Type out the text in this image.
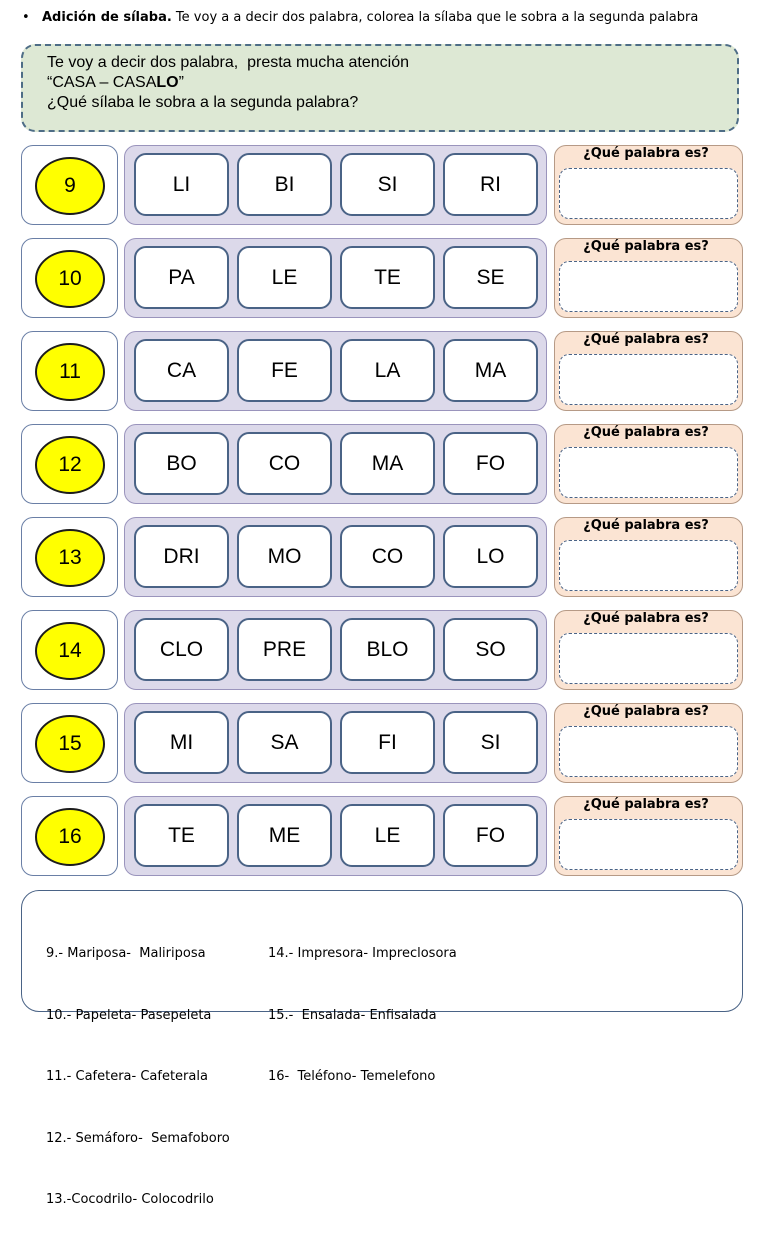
• Adición de sílaba. Te voy a a decir dos palabra, colorea la sílaba que le sobra a la segunda palabra
Te voy a decir dos palabra,  presta mucha atención
“CASA – CASALO”
¿Qué sílaba le sobra a la segunda palabra?
9	LI	BI	SI	RI
¿Qué palabra es?
10	PA	LE	TE	SE
¿Qué palabra es?
11	CA	FE	LA	MA
¿Qué palabra es?
12	BO	CO	MA	FO
¿Qué palabra es?
13	DRI	MO	CO	LO
¿Qué palabra es?
14	CLO	PRE	BLO	SO
¿Qué palabra es?
15	MI	SA	FI	SI
¿Qué palabra es?
16	TE	ME	LE	FO
¿Qué palabra es?

9.- Mariposa-  Maliriposa

10.- Papeleta- Pasepeleta

11.- Cafetera- Cafeterala

12.- Semáforo-  Semafoboro

13.-Cocodrilo- Colocodrilo

14.- Impresora- Impreclosora

15.-  Ensalada- Enfisalada

16-  Teléfono- Temelefono
